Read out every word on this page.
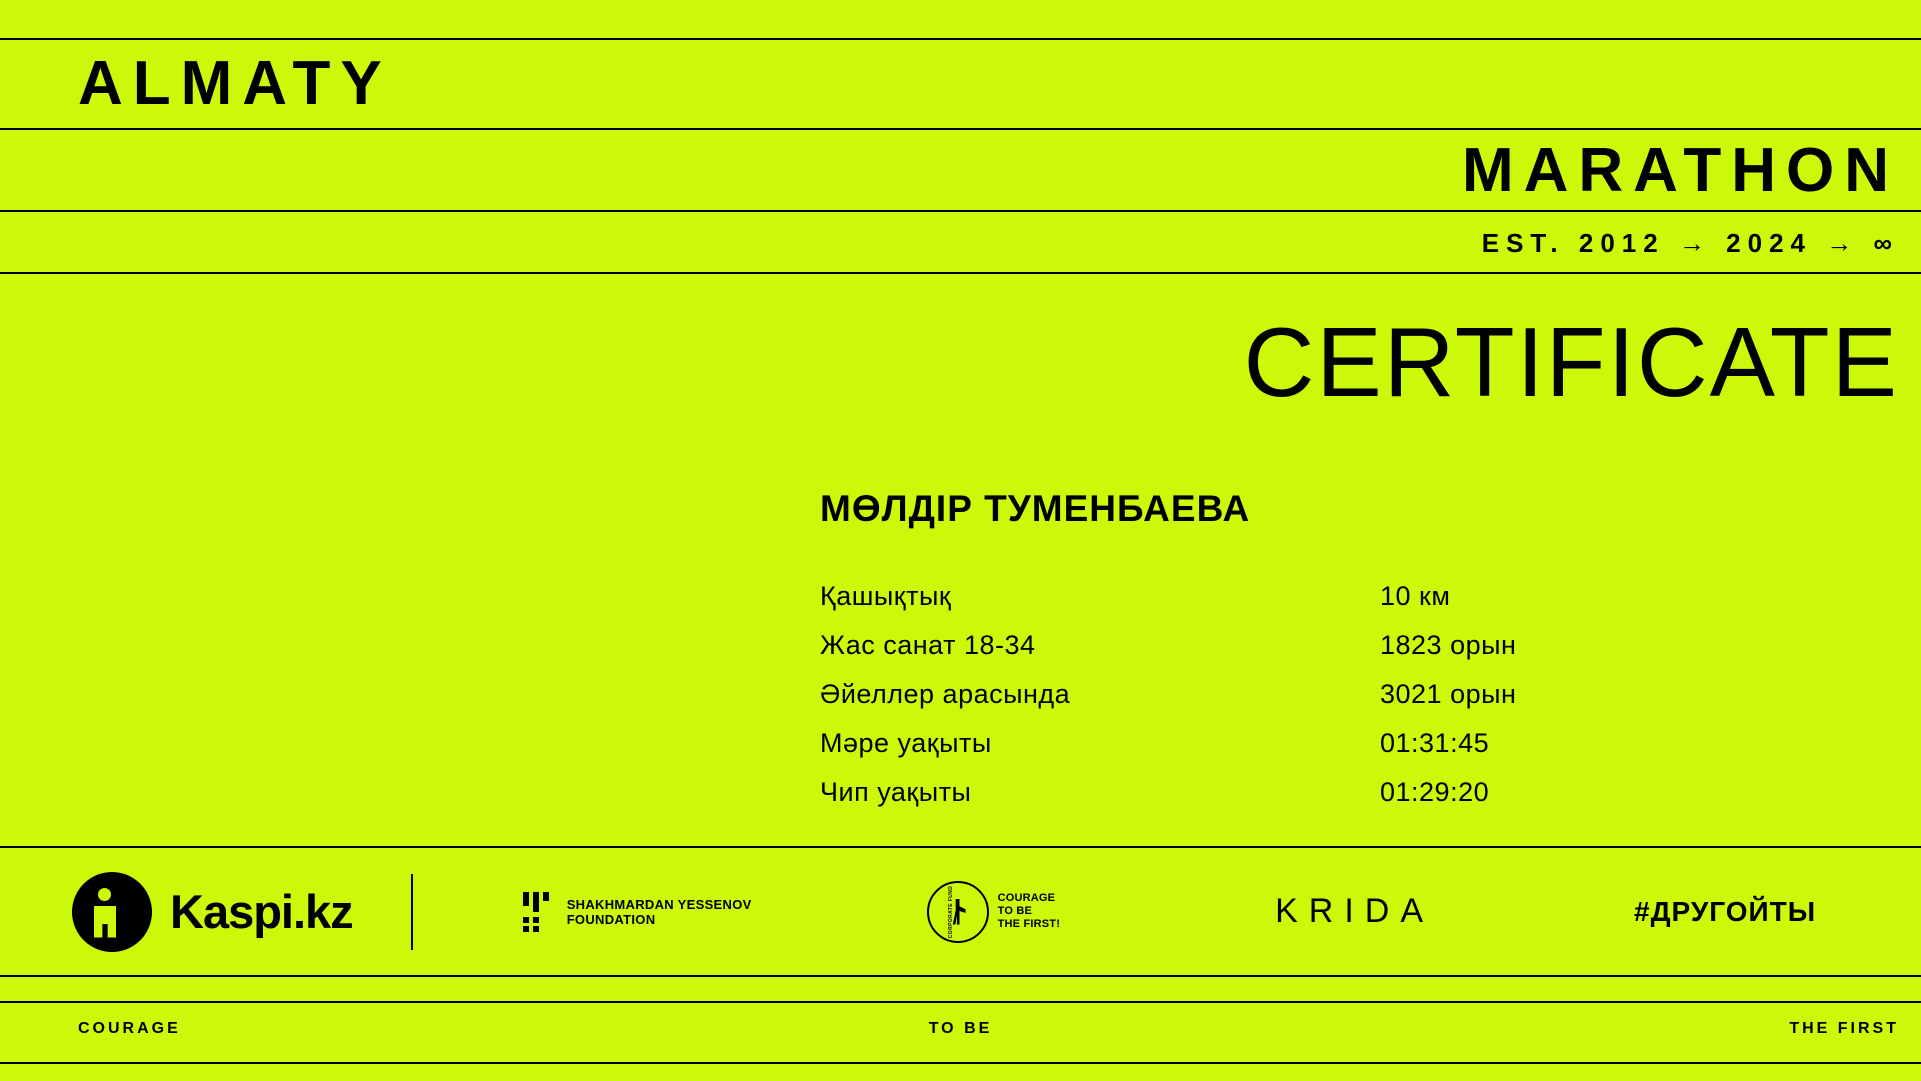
ALMATY
MARATHON
EST. 2012 → 2024 → ∞
CERTIFICATE
МӨЛДІР ТУМЕНБАЕВА
Қашықтық	10 км
Жас санат 18-34	1823 орын
Әйеллер арасында	3021 орын
Мәре уақыты	01:31:45
Чип уақыты	01:29:20
Kaspi.kz	SHAKHMARDAN YESSENOV
FOUNDATION	CORPORATE FUND	COURAGE
TO BE
THE FIRST!	KRIDA	#ДРУГОЙТЫ
COURAGE	TO BE	THE FIRST
